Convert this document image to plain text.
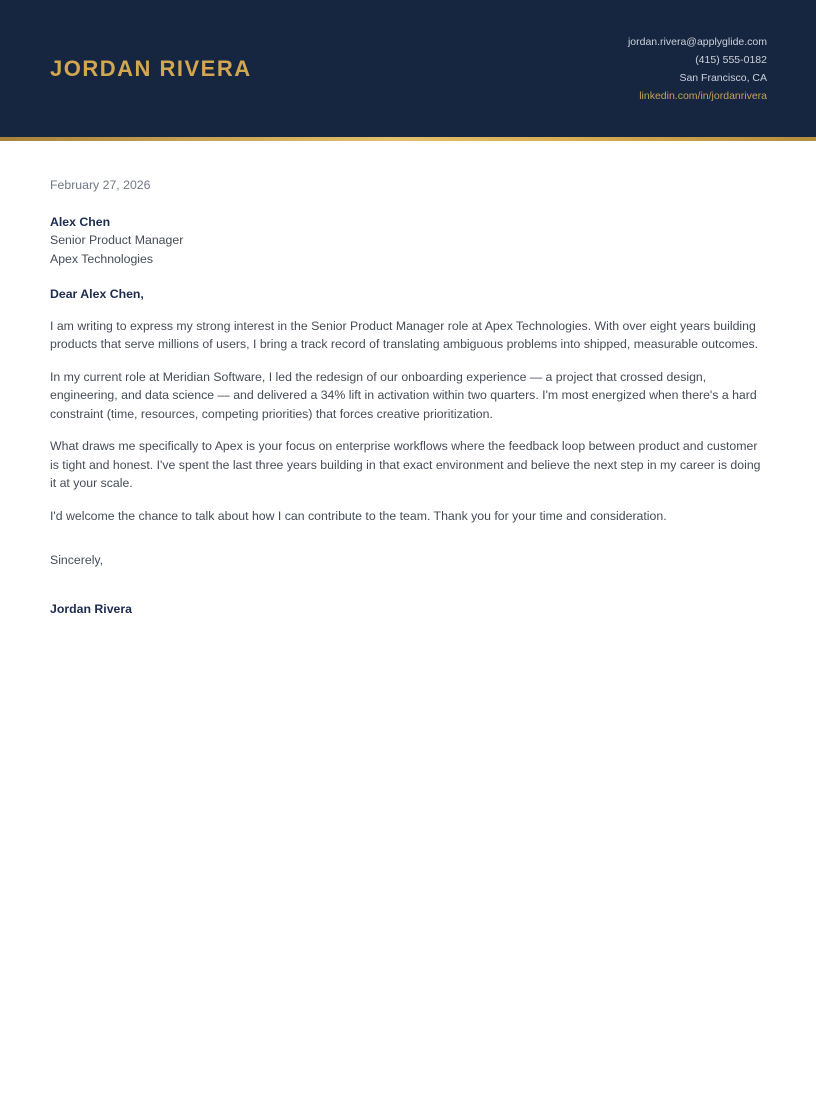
JORDAN RIVERA
jordan.rivera@applyglide.com
(415) 555-0182
San Francisco, CA
linkedin.com/in/jordanrivera
February 27, 2026
Alex Chen
Senior Product Manager
Apex Technologies
Dear Alex Chen,

I am writing to express my strong interest in the Senior Product Manager role at Apex Technologies. With over eight years building products that serve millions of users, I bring a track record of translating ambiguous problems into shipped, measurable outcomes.

In my current role at Meridian Software, I led the redesign of our onboarding experience — a project that crossed design, engineering, and data science — and delivered a 34% lift in activation within two quarters. I'm most energized when there's a hard constraint (time, resources, competing priorities) that forces creative prioritization.

What draws me specifically to Apex is your focus on enterprise workflows where the feedback loop between product and customer is tight and honest. I've spent the last three years building in that exact environment and believe the next step in my career is doing it at your scale.

I'd welcome the chance to talk about how I can contribute to the team. Thank you for your time and consideration.

Sincerely,
Jordan Rivera
